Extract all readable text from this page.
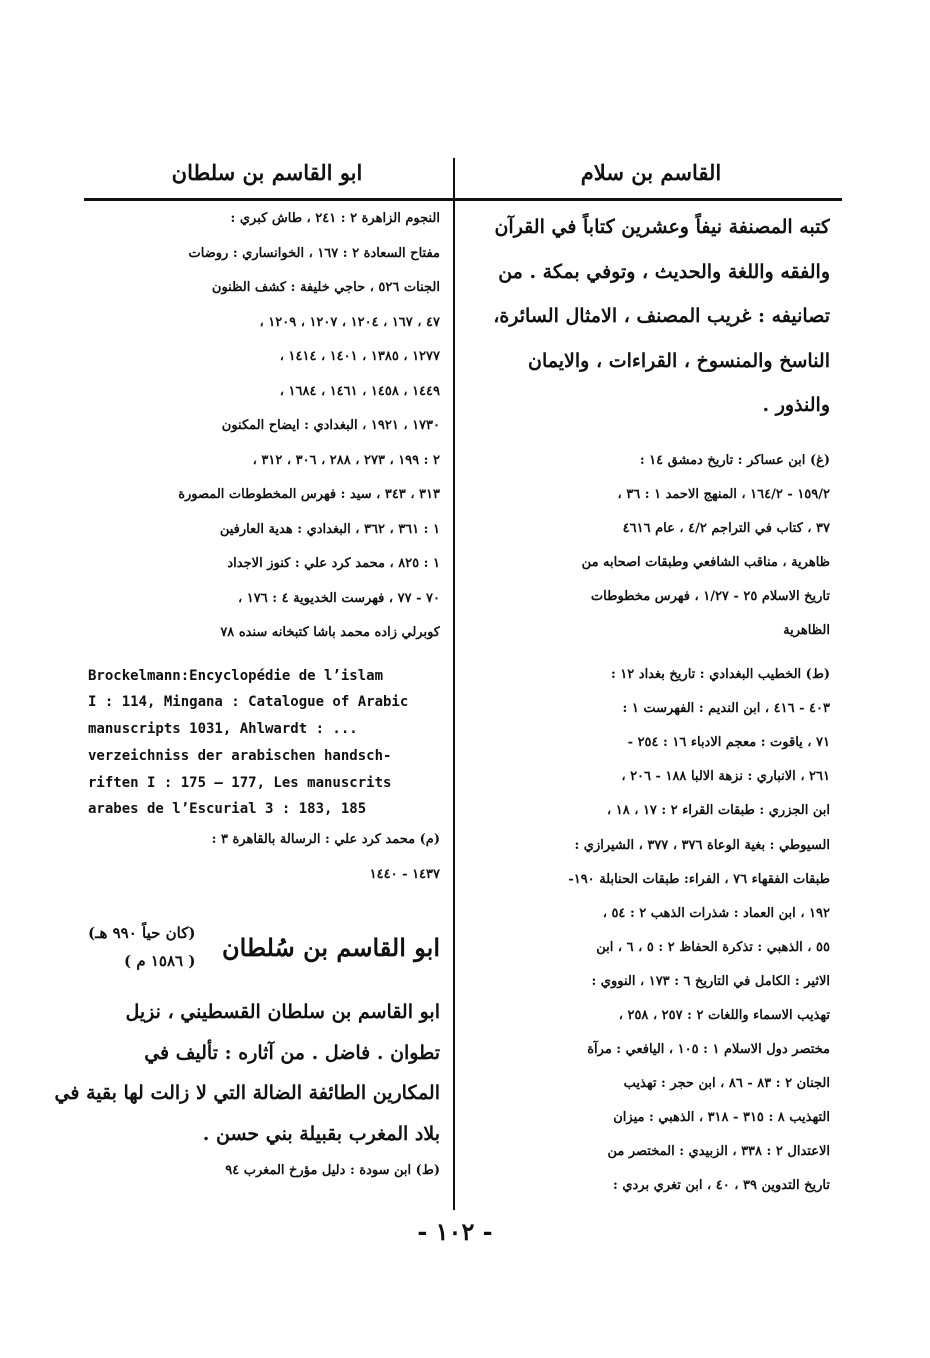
القاسم بن سلام
ابو القاسم بن سلطان
كتبه المصنفة نيفاً وعشرين كتاباً في القرآن
والفقه واللغة والحديث ، وتوفي بمكة . من
تصانيفه : غريب المصنف ، الامثال السائرة،
الناسخ والمنسوخ ، القراءات ، والايمان
والنذور .
(غ) ابن عساكر : تاريخ دمشق ١٤ :
١٥٩/٢ - ١٦٤/٢ ، المنهج الاحمد ١ : ٣٦ ،
٣٧ ، كتاب في التراجم ٤/٢ ، عام ٤٦١٦
ظاهرية ، مناقب الشافعي وطبقات اصحابه من
تاريخ الاسلام ٢٥ - ١/٢٧ ، فهرس مخطوطات
الظاهرية
(ط) الخطيب البغدادي : تاريخ بغداد ١٢ :
٤٠٣ - ٤١٦ ، ابن النديم : الفهرست ١ :
٧١ ، ياقوت : معجم الادباء ١٦ : ٢٥٤ -
٢٦١ ، الانباري : نزهة الالبا ١٨٨ - ٢٠٦ ،
ابن الجزري : طبقات القراء ٢ : ١٧ ، ١٨ ،
السيوطي : بغية الوعاة ٣٧٦ ، ٣٧٧ ، الشيرازي :
طبقات الفقهاء ٧٦ ، الفراء: طبقات الحنابلة ١٩٠-
١٩٢ ، ابن العماد : شذرات الذهب ٢ : ٥٤ ،
٥٥ ، الذهبي : تذكرة الحفاظ ٢ : ٥ ، ٦ ، ابن
الاثير : الكامل في التاريخ ٦ : ١٧٣ ، النووي :
تهذيب الاسماء واللغات ٢ : ٢٥٧ ، ٢٥٨ ،
مختصر دول الاسلام ١ : ١٠٥ ، اليافعي : مرآة
الجنان ٢ : ٨٣ - ٨٦ ، ابن حجر : تهذيب
التهذيب ٨ : ٣١٥ - ٣١٨ ، الذهبي : ميزان
الاعتدال ٢ : ٣٣٨ ، الزبيدي : المختصر من
تاريخ التدوين ٣٩ ، ٤٠ ، ابن تغري بردي :
النجوم الزاهرة ٢ : ٢٤١ ، طاش كبري :
مفتاح السعادة ٢ : ١٦٧ ، الخوانساري : روضات
الجنات ٥٢٦ ، حاجي خليفة : كشف الظنون
٤٧ ، ١٦٧ ، ١٢٠٤ ، ١٢٠٧ ، ١٢٠٩ ،
١٢٧٧ ، ١٣٨٥ ، ١٤٠١ ، ١٤١٤ ،
١٤٤٩ ، ١٤٥٨ ، ١٤٦١ ، ١٦٨٤ ،
١٧٣٠ ، ١٩٢١ ، البغدادي : ايضاح المكنون
٢ : ١٩٩ ، ٢٧٣ ، ٢٨٨ ، ٣٠٦ ، ٣١٢ ،
٣١٣ ، ٣٤٣ ، سيد : فهرس المخطوطات المصورة
١ : ٣٦١ ، ٣٦٢ ، البغدادي : هدية العارفين
١ : ٨٢٥ ، محمد كرد علي : كنوز الاجداد
٧٠ - ٧٧ ، فهرست الخديوية ٤ : ١٧٦ ،
كوبرلي زاده محمد باشا كتبخانه سنده ٧٨
Brockelmann:Encyclopédie de l’islam
I : 114, Mingana : Catalogue of Arabic
manuscripts 1031, Ahlwardt : ...
verzeichniss der arabischen handsch-
riften I : 175 — 177, Les manuscrits
arabes de l’Escurial 3 : 183, 185
(م) محمد كرد علي : الرسالة بالقاهرة ٣ :
١٤٣٧ - ١٤٤٠
ابو القاسم بن سُلطان
(كان حياً ٩٩٠ هـ)
( ١٥٨٦ م )
ابو القاسم بن سلطان القسطيني ، نزيل
تطوان . فاضل . من آثاره : تأليف في
المكارين الطائفة الضالة التي لا زالت لها بقية في
بلاد المغرب بقبيلة بني حسن .
(ط) ابن سودة : دليل مؤرخ المغرب ٩٤
- ١٠٢ -
